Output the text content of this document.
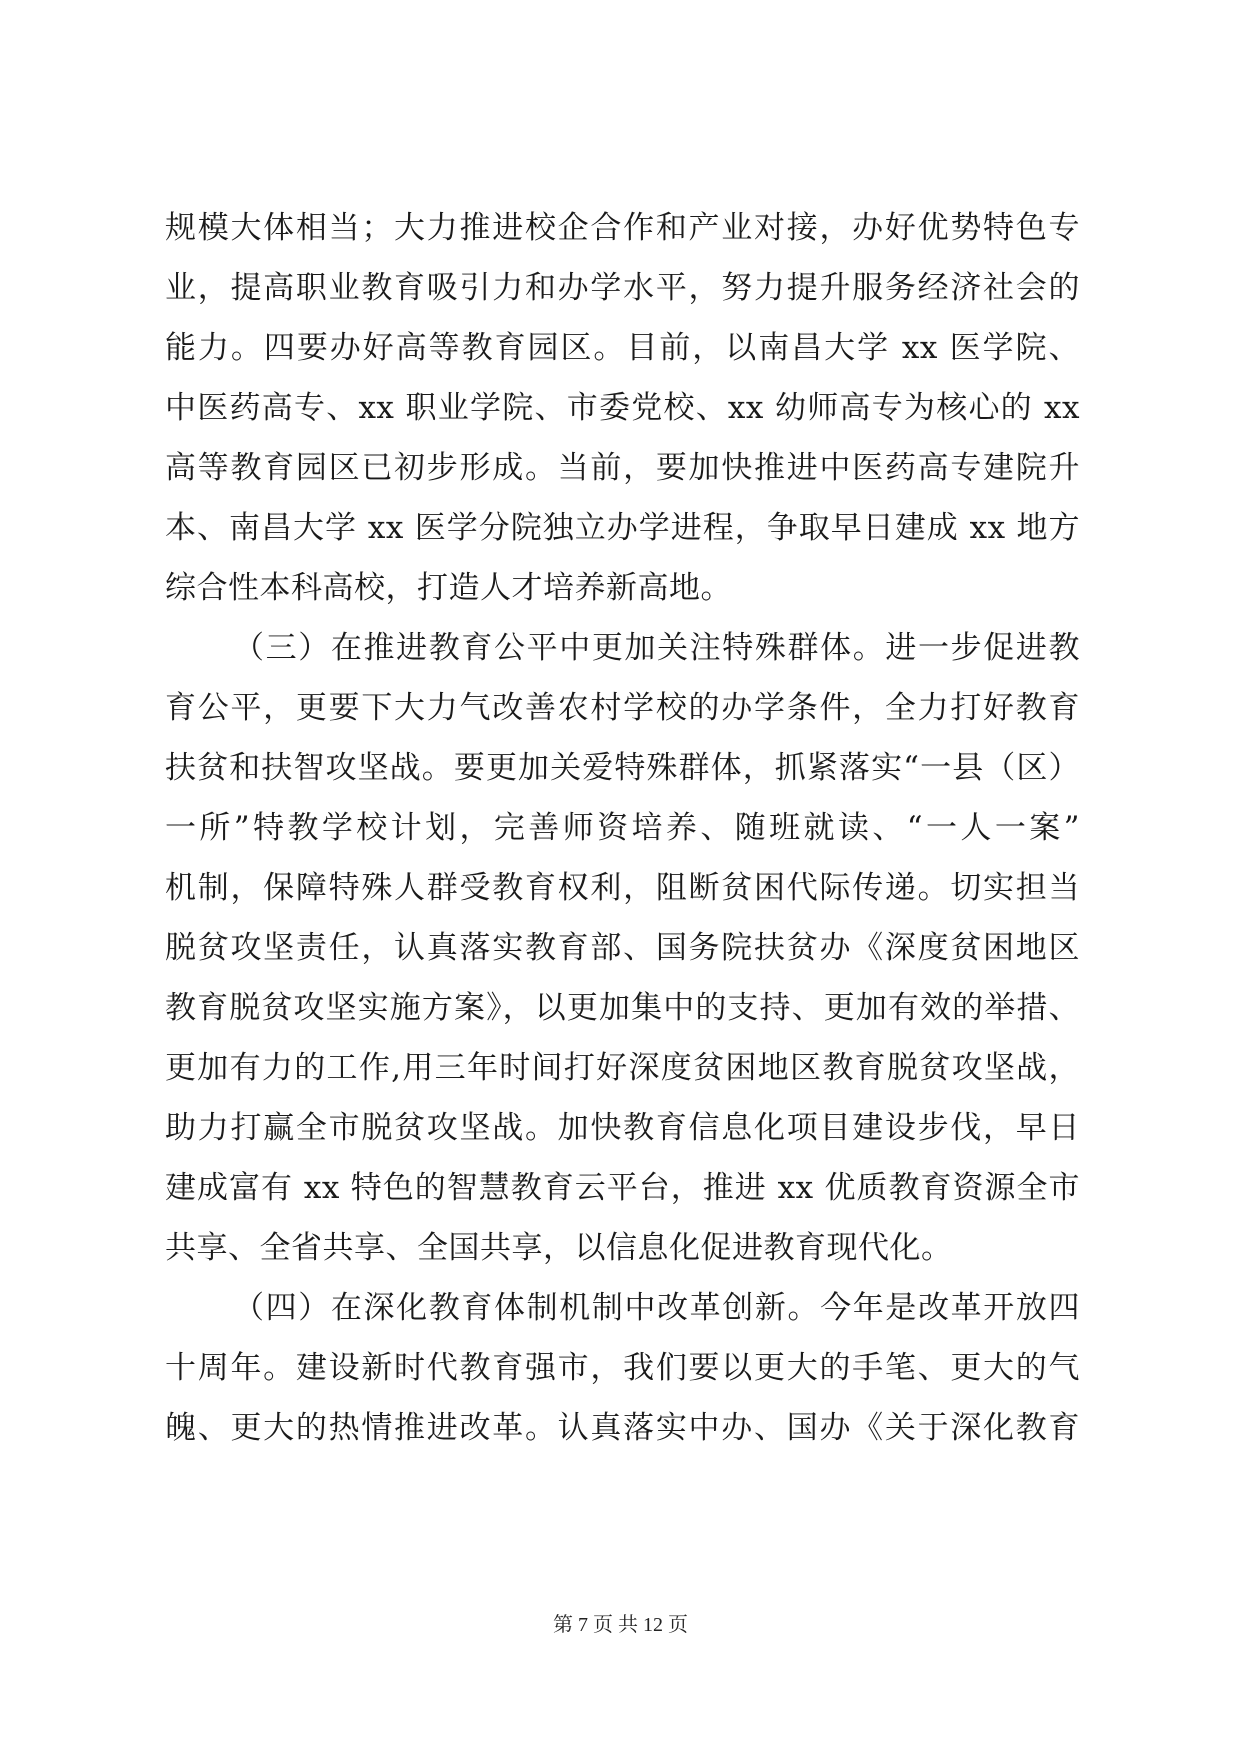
规模大体相当；大力推进校企合作和产业对接，办好优势特色专
业，提高职业教育吸引力和办学水平，努力提升服务经济社会的
能力。四要办好高等教育园区。目前，以南昌大学 xx 医学院、
中医药高专、xx 职业学院、市委党校、xx 幼师高专为核心的 xx
高等教育园区已初步形成。当前，要加快推进中医药高专建院升
本、南昌大学 xx 医学分院独立办学进程，争取早日建成 xx 地方
综合性本科高校，打造人才培养新高地。
（三）在推进教育公平中更加关注特殊群体。进一步促进教
育公平，更要下大力气改善农村学校的办学条件，全力打好教育
扶贫和扶智攻坚战。要更加关爱特殊群体，抓紧落实“一县（区）
一所”特教学校计划，完善师资培养、随班就读、“一人一案”
机制，保障特殊人群受教育权利，阻断贫困代际传递。切实担当
脱贫攻坚责任，认真落实教育部、国务院扶贫办《深度贫困地区
教育脱贫攻坚实施方案》，以更加集中的支持、更加有效的举措、
更加有力的工作,用三年时间打好深度贫困地区教育脱贫攻坚战，
助力打赢全市脱贫攻坚战。加快教育信息化项目建设步伐，早日
建成富有 xx 特色的智慧教育云平台，推进 xx 优质教育资源全市
共享、全省共享、全国共享，以信息化促进教育现代化。
（四）在深化教育体制机制中改革创新。今年是改革开放四
十周年。建设新时代教育强市，我们要以更大的手笔、更大的气
魄、更大的热情推进改革。认真落实中办、国办《关于深化教育
第 7 页 共 12 页
